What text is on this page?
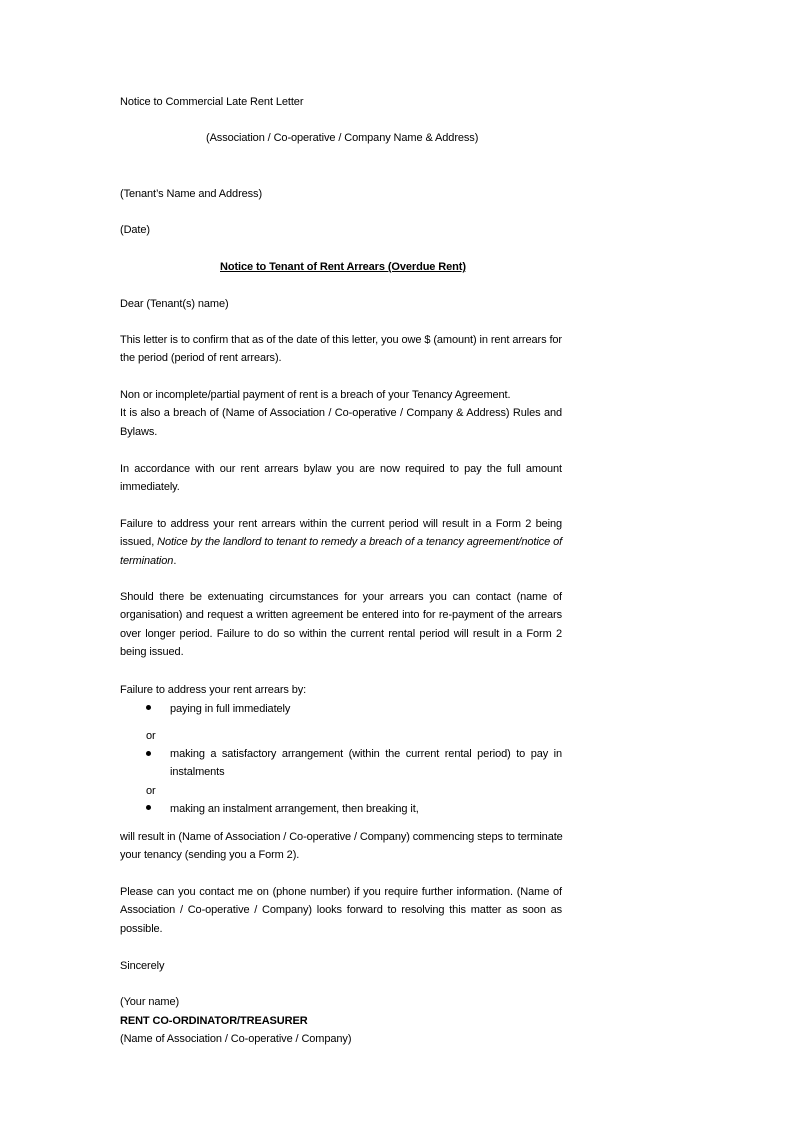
Notice to Commercial Late Rent Letter
(Association / Co-operative / Company Name & Address)
(Tenant’s Name and Address)
(Date)
Notice to Tenant of Rent Arrears (Overdue Rent)
Dear (Tenant(s) name)
This letter is to confirm that as of the date of this letter, you owe $ (amount) in rent arrears for
the period (period of rent arrears).
Non or incomplete/partial payment of rent is a breach of your Tenancy Agreement.
It is also a breach of (Name of Association / Co-operative / Company & Address) Rules and
Bylaws.
In accordance with our rent arrears bylaw you are now required to pay the full amount
immediately.
Failure to address your rent arrears within the current period will result in a Form 2 being
issued, Notice by the landlord to tenant to remedy a breach of a tenancy agreement/notice of
termination.
Should there be extenuating circumstances for your arrears you can contact (name of
organisation) and request a written agreement be entered into for re-payment of the arrears
over longer period. Failure to do so within the current rental period will result in a Form 2
being issued.
Failure to address your rent arrears by:
paying in full immediately
or
making a satisfactory arrangement (within the current rental period) to pay in
instalments
or
making an instalment arrangement, then breaking it,
will result in (Name of Association / Co-operative / Company) commencing steps to terminate
your tenancy (sending you a Form 2).
Please can you contact me on (phone number) if you require further information. (Name of
Association / Co-operative / Company) looks forward to resolving this matter as soon as
possible.
Sincerely
(Your name)
RENT CO-ORDINATOR/TREASURER
(Name of Association / Co-operative / Company)
